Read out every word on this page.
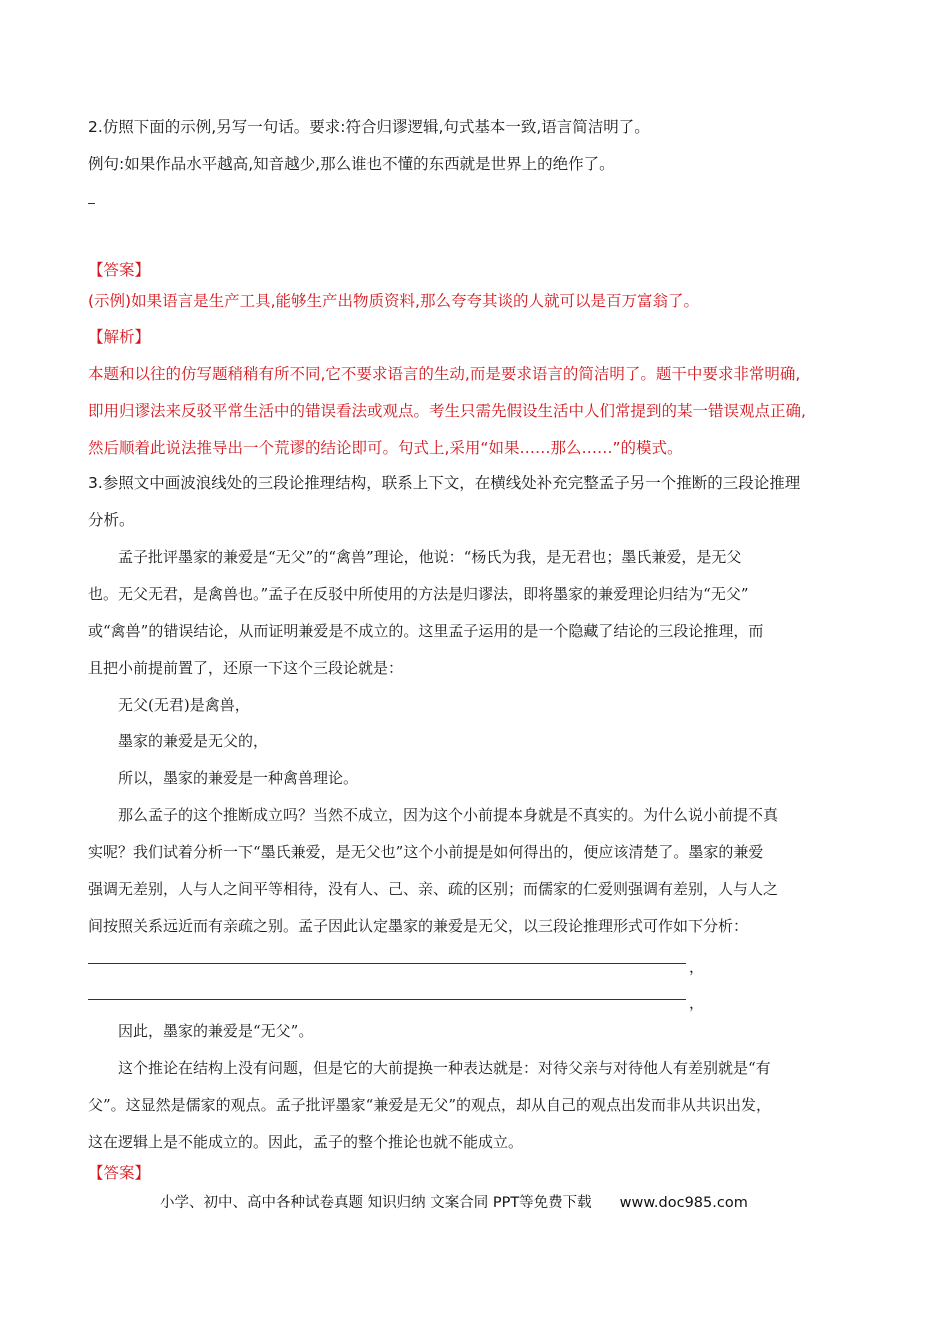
2.仿照下面的示例,另写一句话。要求:符合归谬逻辑,句式基本一致,语言简洁明了。
例句:如果作品水平越高,知音越少,那么谁也不懂的东西就是世界上的绝作了。
【答案】
(示例)如果语言是生产工具,能够生产出物质资料,那么夸夸其谈的人就可以是百万富翁了。
【解析】
本题和以往的仿写题稍稍有所不同,它不要求语言的生动,而是要求语言的简洁明了。题干中要求非常明确,
即用归谬法来反驳平常生活中的错误看法或观点。考生只需先假设生活中人们常提到的某一错误观点正确,
然后顺着此说法推导出一个荒谬的结论即可。句式上,采用“如果……那么……”的模式。
3.参照文中画波浪线处的三段论推理结构，联系上下文，在横线处补充完整孟子另一个推断的三段论推理
分析。
孟子批评墨家的兼爱是“无父”的“禽兽”理论，他说：“杨氏为我，是无君也；墨氏兼爱，是无父
也。无父无君，是禽兽也。”孟子在反驳中所使用的方法是归谬法，即将墨家的兼爱理论归结为“无父”
或“禽兽”的错误结论，从而证明兼爱是不成立的。这里孟子运用的是一个隐藏了结论的三段论推理，而
且把小前提前置了，还原一下这个三段论就是：
无父(无君)是禽兽，
墨家的兼爱是无父的，
所以，墨家的兼爱是一种禽兽理论。
那么孟子的这个推断成立吗？当然不成立，因为这个小前提本身就是不真实的。为什么说小前提不真
实呢？我们试着分析一下“墨氏兼爱，是无父也”这个小前提是如何得出的，便应该清楚了。墨家的兼爱
强调无差别，人与人之间平等相待，没有人、己、亲、疏的区别；而儒家的仁爱则强调有差别，人与人之
间按照关系远近而有亲疏之别。孟子因此认定墨家的兼爱是无父，以三段论推理形式可作如下分析：
，
，
因此，墨家的兼爱是“无父”。
这个推论在结构上没有问题，但是它的大前提换一种表达就是：对待父亲与对待他人有差别就是“有
父”。这显然是儒家的观点。孟子批评墨家“兼爱是无父”的观点，却从自己的观点出发而非从共识出发，
这在逻辑上是不能成立的。因此，孟子的整个推论也就不能成立。
【答案】
小学、初中、高中各种试卷真题 知识归纳 文案合同 PPT等免费下载 www.doc985.com
